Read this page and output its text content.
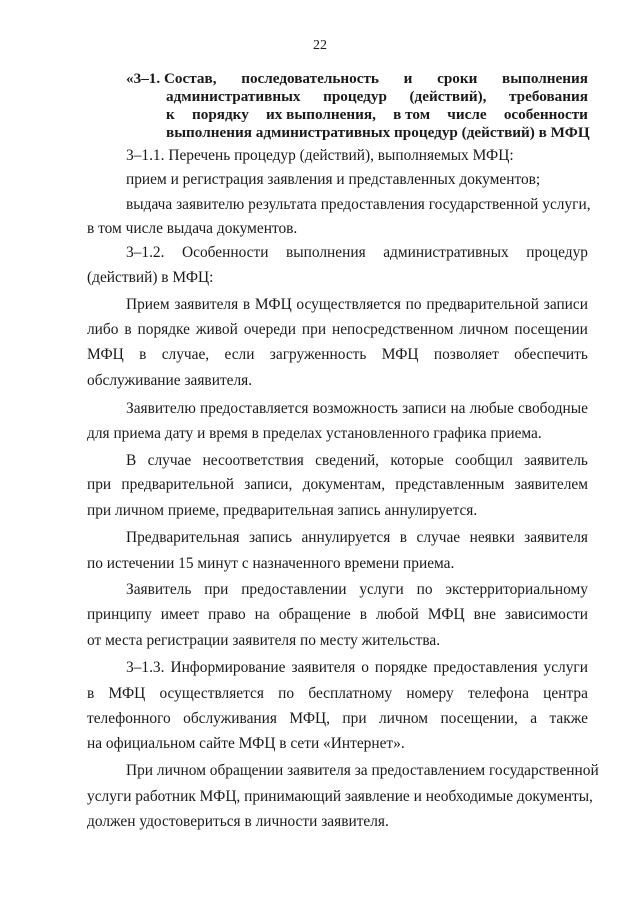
22
«3–1. Состав, последовательность и сроки выполнения
административных процедур (действий), требования
к порядку их выполнения, в том числе особенности
выполнения административных процедур (действий) в МФЦ
3–1.1. Перечень процедур (действий), выполняемых МФЦ:
прием и регистрация заявления и представленных документов;
выдача заявителю результата предоставления государственной услуги,
в том числе выдача документов.
3–1.2. Особенности выполнения административных процедур
(действий) в МФЦ:
Прием заявителя в МФЦ осуществляется по предварительной записи
либо в порядке живой очереди при непосредственном личном посещении
МФЦ в случае, если загруженность МФЦ позволяет обеспечить
обслуживание заявителя.
Заявителю предоставляется возможность записи на любые свободные
для приема дату и время в пределах установленного графика приема.
В случае несоответствия сведений, которые сообщил заявитель
при предварительной записи, документам, представленным заявителем
при личном приеме, предварительная запись аннулируется.
Предварительная запись аннулируется в случае неявки заявителя
по истечении 15 минут с назначенного времени приема.
Заявитель при предоставлении услуги по экстерриториальному
принципу имеет право на обращение в любой МФЦ вне зависимости
от места регистрации заявителя по месту жительства.
3–1.3. Информирование заявителя о порядке предоставления услуги
в МФЦ осуществляется по бесплатному номеру телефона центра
телефонного обслуживания МФЦ, при личном посещении, а также
на официальном сайте МФЦ в сети «Интернет».
При личном обращении заявителя за предоставлением государственной
услуги работник МФЦ, принимающий заявление и необходимые документы,
должен удостовериться в личности заявителя.
